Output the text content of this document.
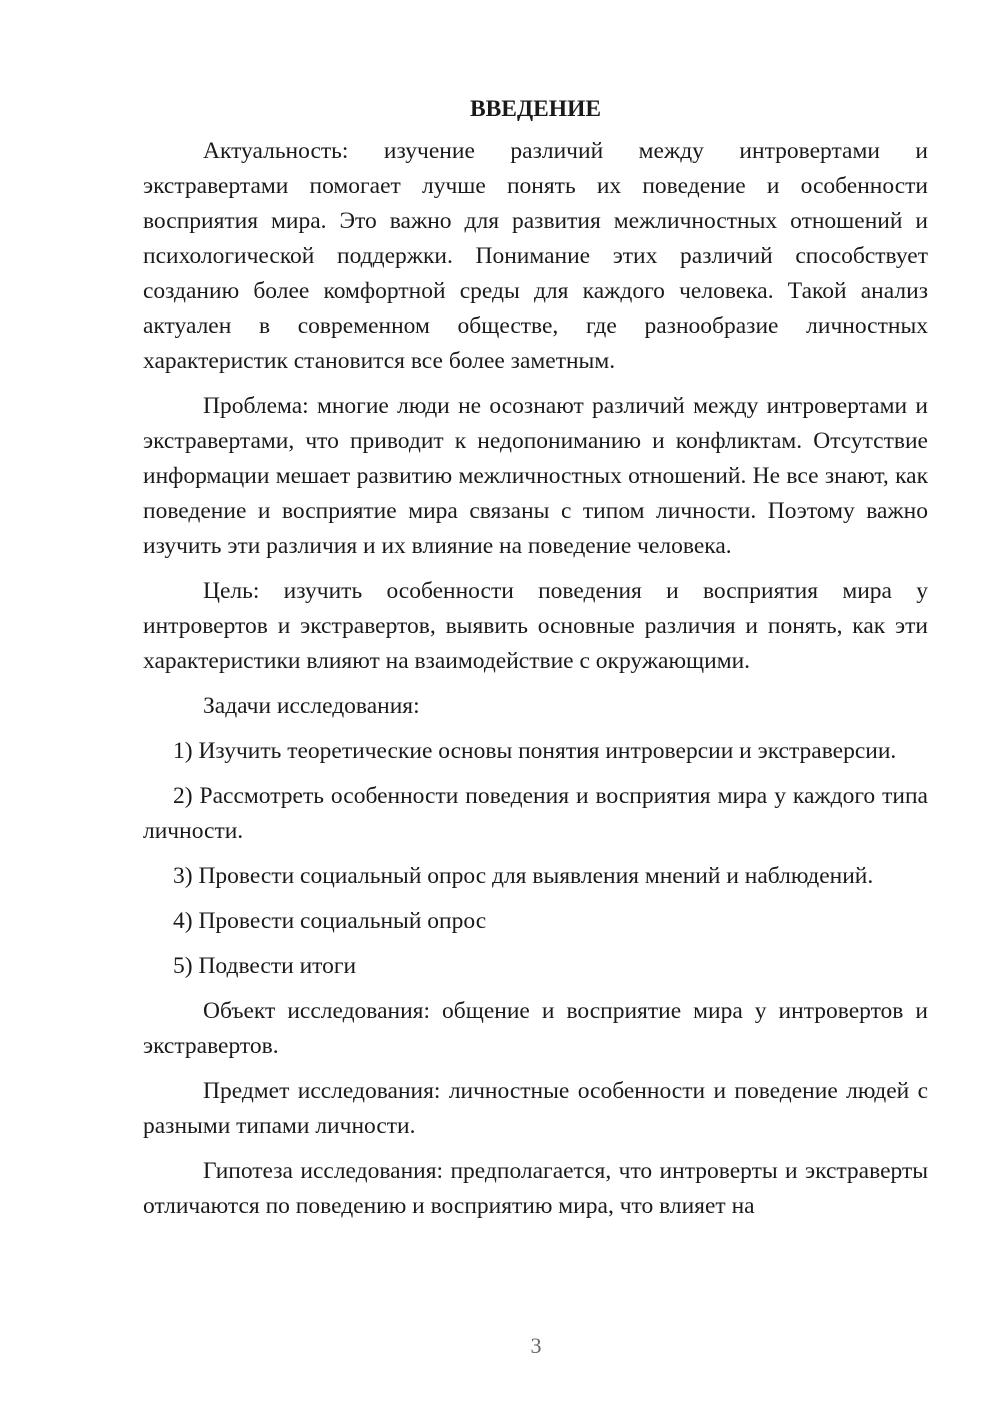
ВВЕДЕНИЕ

Актуальность: изучение различий между интровертами и экстравертами помогает лучше понять их поведение и особенности восприятия мира. Это важно для развития межличностных отношений и психологической поддержки. Понимание этих различий способствует созданию более комфортной среды для каждого человека. Такой анализ актуален в современном обществе, где разнообразие личностных характеристик становится все более заметным.

Проблема: многие люди не осознают различий между интровертами и экстравертами, что приводит к недопониманию и конфликтам. Отсутствие информации мешает развитию межличностных отношений. Не все знают, как поведение и восприятие мира связаны с типом личности. Поэтому важно изучить эти различия и их влияние на поведение человека.

Цель: изучить особенности поведения и восприятия мира у интровертов и экстравертов, выявить основные различия и понять, как эти характеристики влияют на взаимодействие с окружающими.

Задачи исследования:

1) Изучить теоретические основы понятия интроверсии и экстраверсии.

2) Рассмотреть особенности поведения и восприятия мира у каждого типа личности.

3) Провести социальный опрос для выявления мнений и наблюдений.

4) Провести социальный опрос

5) Подвести итоги

Объект исследования: общение и восприятие мира у интровертов и экстравертов.

Предмет исследования: личностные особенности и поведение людей с разными типами личности.

Гипотеза исследования: предполагается, что интроверты и экстраверты отличаются по поведению и восприятию мира, что влияет на

3
